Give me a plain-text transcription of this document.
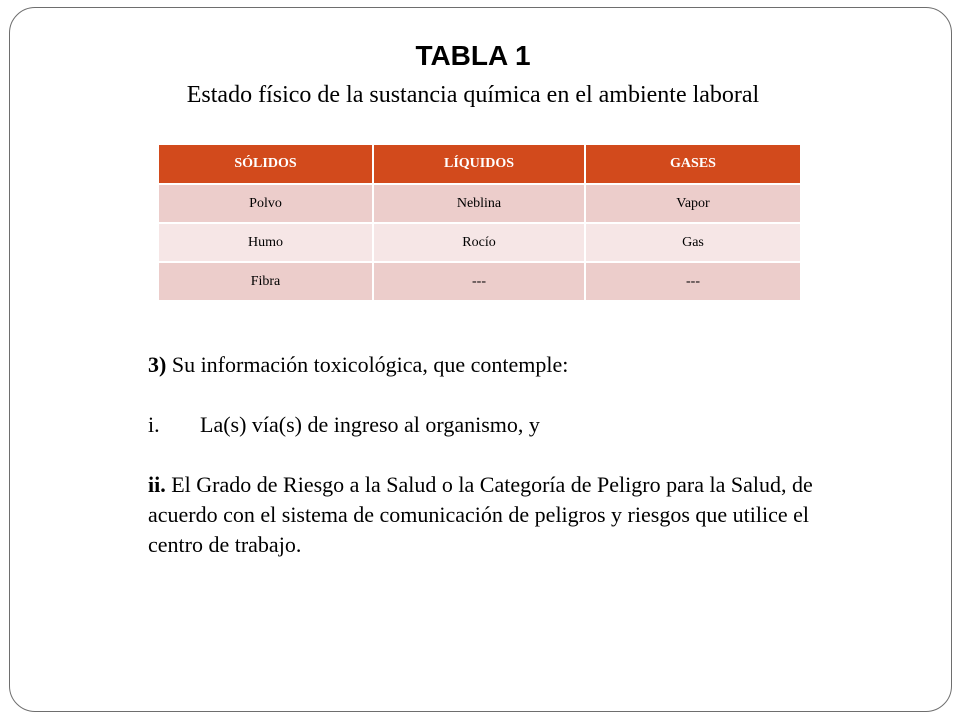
TABLA 1

Estado físico de la sustancia química en el ambiente laboral

SÓLIDOS	LÍQUIDOS	GASES
Polvo	Neblina	Vapor
Humo	Rocío	Gas
Fibra	---	---

3) Su información toxicológica, que contemple:

i.	La(s) vía(s) de ingreso al organismo, y

ii. El Grado de Riesgo a la Salud o la Categoría de Peligro para la Salud, de acuerdo con el sistema de comunicación de peligros y riesgos que utilice el centro de trabajo.
